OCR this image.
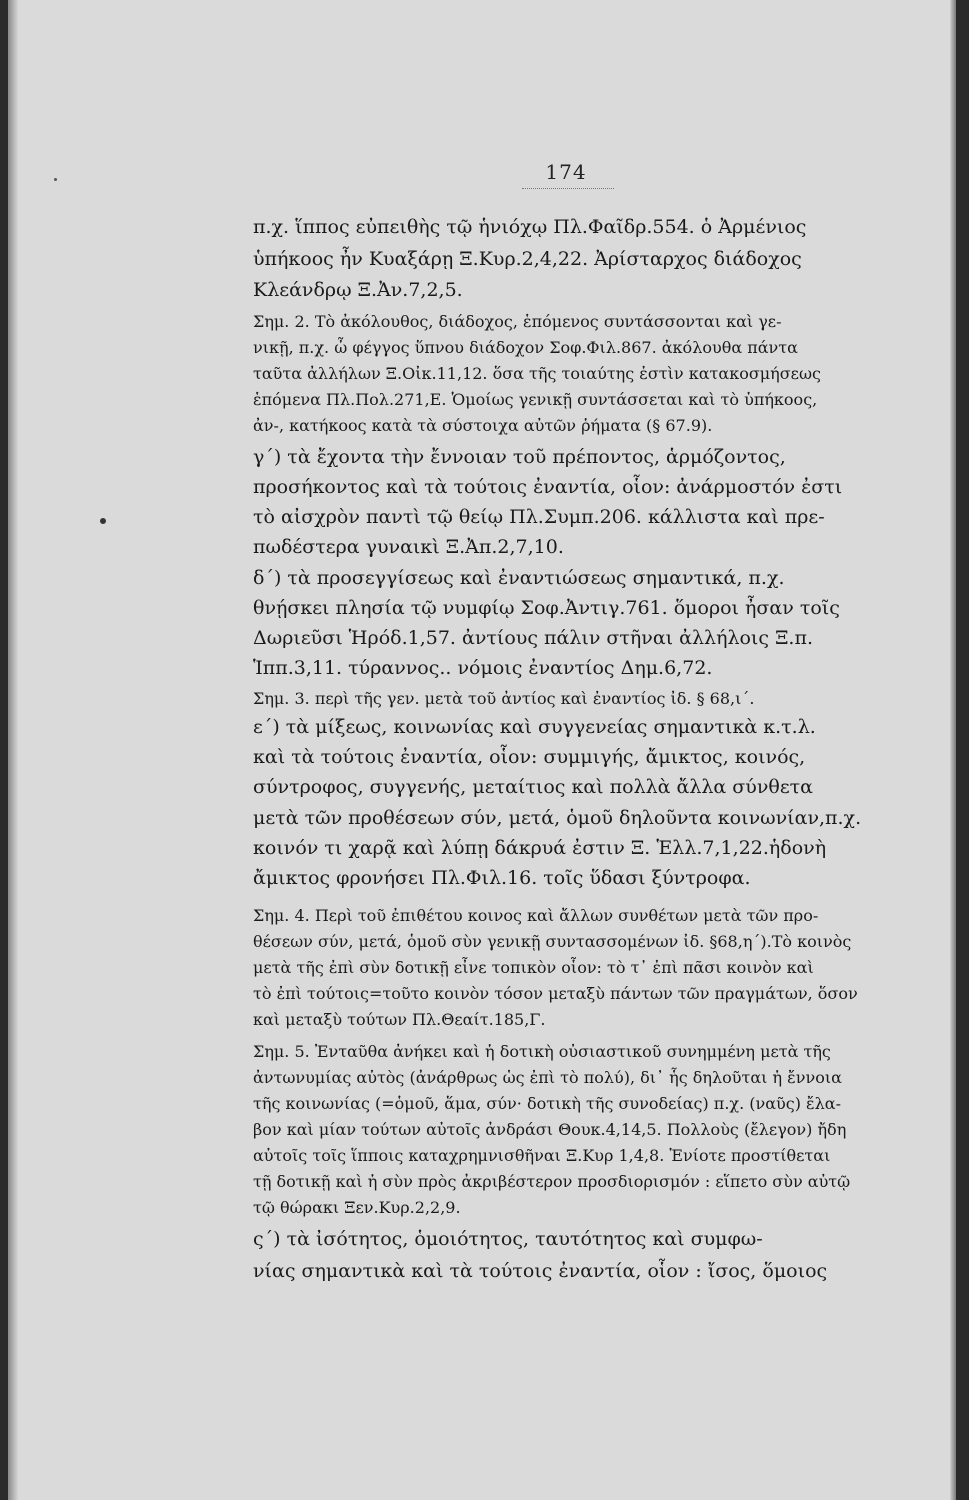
174
π.χ. ἵππος εὐπειθὴς τῷ ἡνιόχῳ Πλ.Φαῖδρ.554. ὁ Ἀρμένιος
ὑπήκοος ἦν Κυαξάρῃ Ξ.Κυρ.2,4,22. Ἀρίσταρχος διάδοχος
Κλεάνδρῳ Ξ.Ἀν.7,2,5.
Σημ. 2. Τὸ ἀκόλουθος, διάδοχος, ἑπόμενος συντάσσονται καὶ γε-
νικῇ, π.χ. ὦ φέγγος ὕπνου διάδοχον Σοφ.Φιλ.867. ἀκόλουθα πάντα
ταῦτα ἀλλήλων Ξ.Οἰκ.11,12. ὅσα τῆς τοιαύτης ἐστὶν κατακοσμήσεως
ἑπόμενα Πλ.Πολ.271,Ε. Ὁμοίως γενικῇ συντάσσεται καὶ τὸ ὑπήκοος,
ἀν-, κατήκοος κατὰ τὰ σύστοιχα αὐτῶν ῥήματα (§ 67.9).
γ´) τὰ ἔχοντα τὴν ἔννοιαν τοῦ πρέποντος, ἁρμόζοντος,
προσήκοντος καὶ τὰ τούτοις ἐναντία, οἷον: ἀνάρμοστόν ἐστι
τὸ αἰσχρὸν παντὶ τῷ θείῳ Πλ.Συμπ.206. κάλλιστα καὶ πρε-
πωδέστερα γυναικὶ Ξ.Ἀπ.2,7,10.
δ´) τὰ προσεγγίσεως καὶ ἐναντιώσεως σημαντικά, π.χ.
θνῄσκει πλησία τῷ νυμφίῳ Σοφ.Ἀντιγ.761. ὅμοροι ἦσαν τοῖς
Δωριεῦσι Ἡρόδ.1,57. ἀντίους πάλιν στῆναι ἀλλήλοις Ξ.π.
Ἱππ.3,11. τύραννος.. νόμοις ἐναντίος Δημ.6,72.
Σημ. 3. περὶ τῆς γεν. μετὰ τοῦ ἀντίος καὶ ἐναντίος ἰδ. § 68,ι´.
ε´) τὰ μίξεως, κοινωνίας καὶ συγγενείας σημαντικὰ κ.τ.λ.
καὶ τὰ τούτοις ἐναντία, οἷον: συμμιγής, ἄμικτος, κοινός,
σύντροφος, συγγενής, μεταίτιος καὶ πολλὰ ἄλλα σύνθετα
μετὰ τῶν προθέσεων σύν, μετά, ὁμοῦ δηλοῦντα κοινωνίαν,π.χ.
κοινόν τι χαρᾷ καὶ λύπῃ δάκρυά ἐστιν Ξ. Ἑλλ.7,1,22.ἡδονὴ
ἄμικτος φρονήσει Πλ.Φιλ.16. τοῖς ὕδασι ξύντροφα.
Σημ. 4. Περὶ τοῦ ἐπιθέτου κοινος καὶ ἄλλων συνθέτων μετὰ τῶν προ-
θέσεων σύν, μετά, ὁμοῦ σὺν γενικῇ συντασσομένων ἰδ. §68,η´).Τὸ κοινὸς
μετὰ τῆς ἐπὶ σὺν δοτικῇ εἶνε τοπικὸν οἷον: τὸ τ᾽ ἐπὶ πᾶσι κοινὸν καὶ
τὸ ἐπὶ τούτοις=τοῦτο κοινὸν τόσον μεταξὺ πάντων τῶν πραγμάτων, ὅσον
καὶ μεταξὺ τούτων Πλ.Θεαίτ.185,Γ.
Σημ. 5. Ἐνταῦθα ἀνήκει καὶ ἡ δοτικὴ οὐσιαστικοῦ συνημμένη μετὰ τῆς
ἀντωνυμίας αὐτὸς (ἀνάρθρως ὡς ἐπὶ τὸ πολύ), δι᾽ ἧς δηλοῦται ἡ ἔννοια
τῆς κοινωνίας (=ὁμοῦ, ἅμα, σύν· δοτικὴ τῆς συνοδείας) π.χ. (ναῦς) ἔλα-
βον καὶ μίαν τούτων αὐτοῖς ἀνδράσι Θουκ.4,14,5. Πολλοὺς (ἔλεγον) ἤδη
αὐτοῖς τοῖς ἵπποις καταχρημνισθῆναι Ξ.Κυρ 1,4,8. Ἐνίοτε προστίθεται
τῇ δοτικῇ καὶ ἡ σὺν πρὸς ἀκριβέστερον προσδιορισμόν : εἵπετο σὺν αὐτῷ
τῷ θώρακι Ξεν.Κυρ.2,2,9.
ς´) τὰ ἰσότητος, ὁμοιότητος, ταυτότητος καὶ συμφω-
νίας σημαντικὰ καὶ τὰ τούτοις ἐναντία, οἷον : ἴσος, ὅμοιος
